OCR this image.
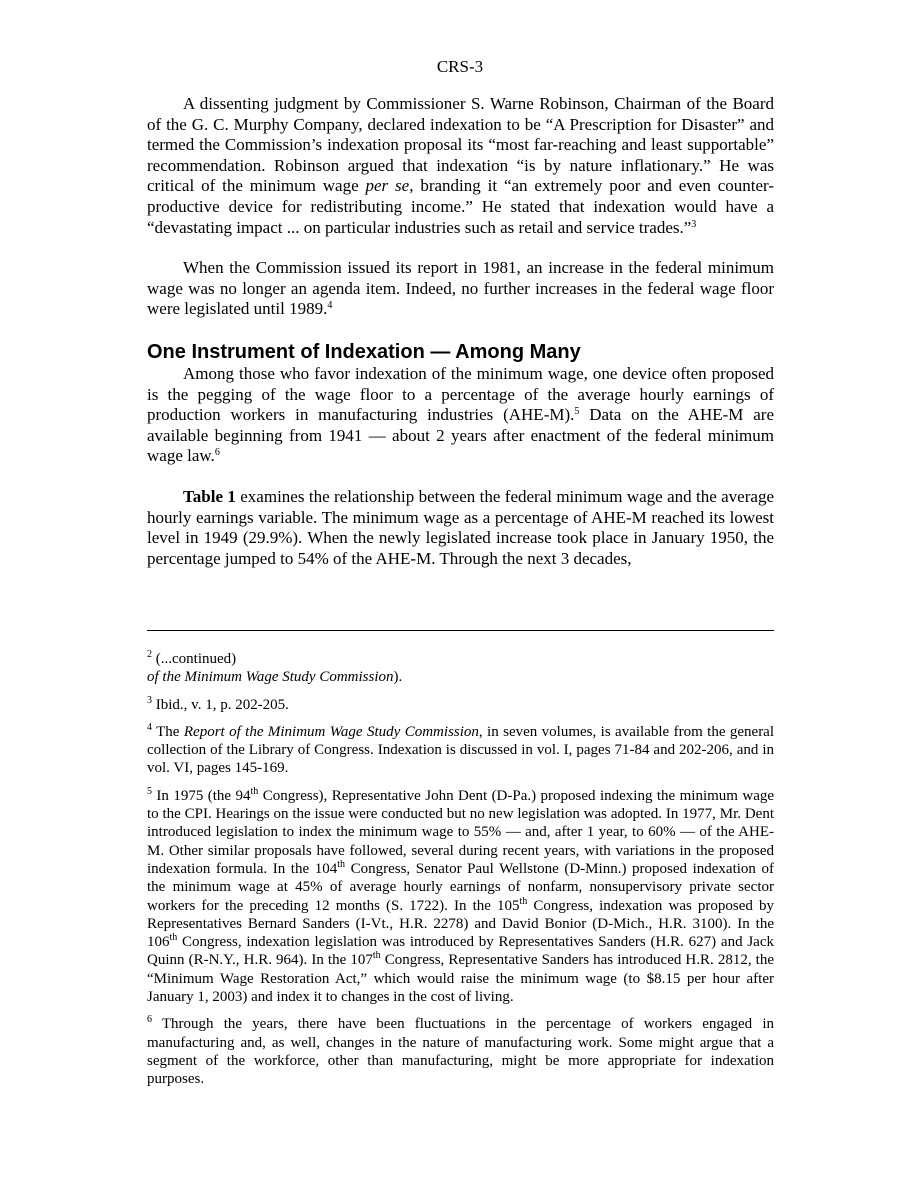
CRS-3

A dissenting judgment by Commissioner S. Warne Robinson, Chairman of the Board of the G. C. Murphy Company, declared indexation to be “A Prescription for Disaster” and termed the Commission’s indexation proposal its “most far-reaching and least supportable” recommendation. Robinson argued that indexation “is by nature inflationary.” He was critical of the minimum wage per se, branding it “an extremely poor and even counter-productive device for redistributing income.” He stated that indexation would have a “devastating impact ... on particular industries such as retail and service trades.”$^3$

When the Commission issued its report in 1981, an increase in the federal minimum wage was no longer an agenda item. Indeed, no further increases in the federal wage floor were legislated until 1989.$^4$

One Instrument of Indexation — Among Many

Among those who favor indexation of the minimum wage, one device often proposed is the pegging of the wage floor to a percentage of the average hourly earnings of production workers in manufacturing industries (AHE-M).$^5$ Data on the AHE-M are available beginning from 1941 — about 2 years after enactment of the federal minimum wage law.$^6$

Table 1 examines the relationship between the federal minimum wage and the average hourly earnings variable. The minimum wage as a percentage of AHE-M reached its lowest level in 1949 (29.9%). When the newly legislated increase took place in January 1950, the percentage jumped to 54% of the AHE-M. Through the next 3 decades,

$^2$ (...continued)
of the Minimum Wage Study Commission).
$^3$ Ibid., v. 1, p. 202-205.
$^4$ The Report of the Minimum Wage Study Commission, in seven volumes, is available from the general collection of the Library of Congress. Indexation is discussed in vol. I, pages 71-84 and 202-206, and in vol. VI, pages 145-169.
$^5$ In 1975 (the 94th Congress), Representative John Dent (D-Pa.) proposed indexing the minimum wage to the CPI. Hearings on the issue were conducted but no new legislation was adopted. In 1977, Mr. Dent introduced legislation to index the minimum wage to 55% — and, after 1 year, to 60% — of the AHE-M. Other similar proposals have followed, several during recent years, with variations in the proposed indexation formula. In the 104th Congress, Senator Paul Wellstone (D-Minn.) proposed indexation of the minimum wage at 45% of average hourly earnings of nonfarm, nonsupervisory private sector workers for the preceding 12 months (S. 1722). In the 105th Congress, indexation was proposed by Representatives Bernard Sanders (I-Vt., H.R. 2278) and David Bonior (D-Mich., H.R. 3100). In the 106th Congress, indexation legislation was introduced by Representatives Sanders (H.R. 627) and Jack Quinn (R-N.Y., H.R. 964). In the 107th Congress, Representative Sanders has introduced H.R. 2812, the “Minimum Wage Restoration Act,” which would raise the minimum wage (to $8.15 per hour after January 1, 2003) and index it to changes in the cost of living.
$^6$ Through the years, there have been fluctuations in the percentage of workers engaged in manufacturing and, as well, changes in the nature of manufacturing work. Some might argue that a segment of the workforce, other than manufacturing, might be more appropriate for indexation purposes.
